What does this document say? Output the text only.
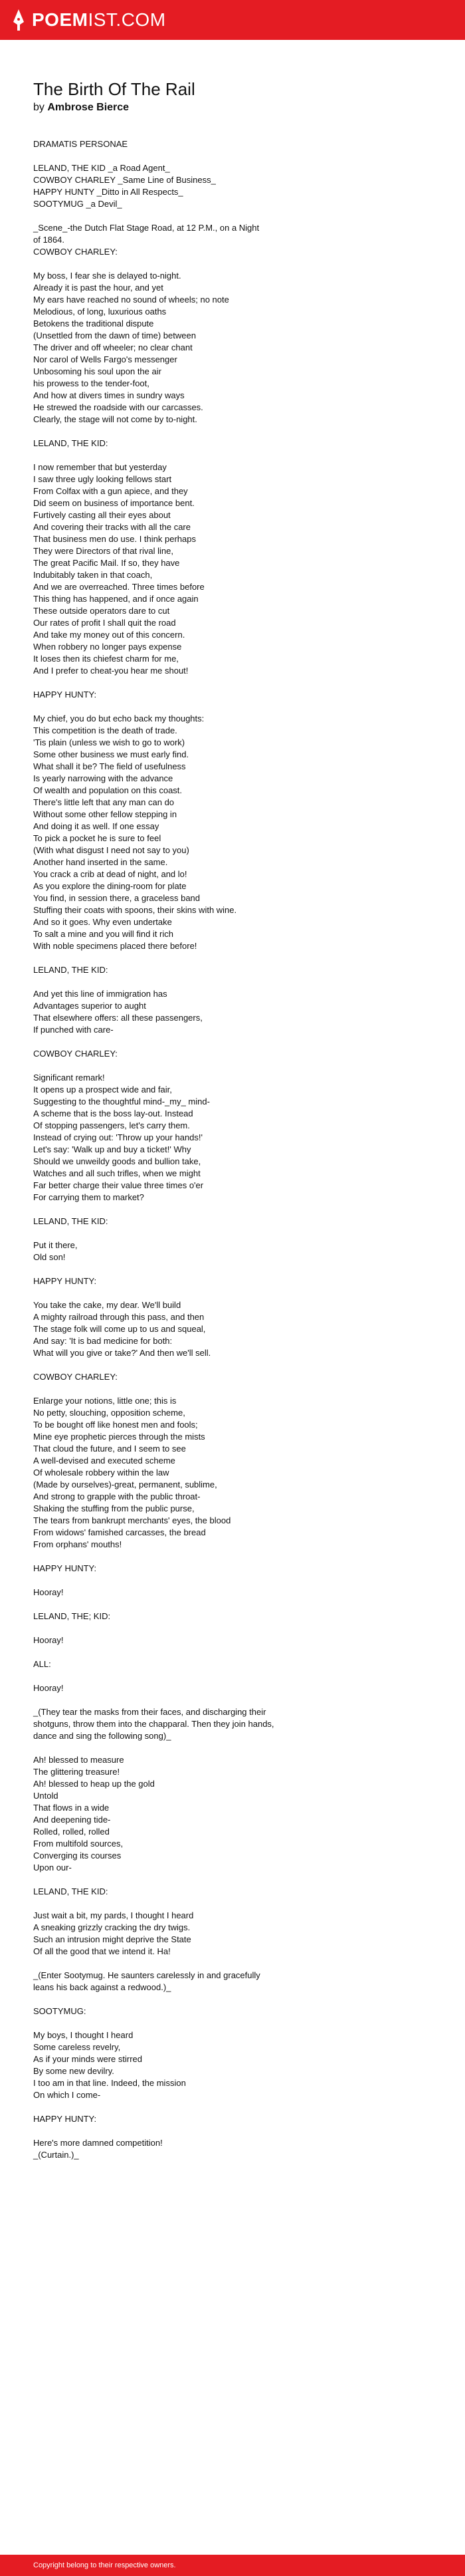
POEM IST.COM
The Birth Of The Rail
by Ambrose Bierce

DRAMATIS PERSONAE

LELAND, THE KID _a Road Agent_
COWBOY CHARLEY _Same Line of Business_
HAPPY HUNTY _Ditto in All Respects_
SOOTYMUG _a Devil_

_Scene_-the Dutch Flat Stage Road, at 12 P.M., on a Night
of 1864.
COWBOY CHARLEY:

My boss, I fear she is delayed to-night.
Already it is past the hour, and yet
My ears have reached no sound of wheels; no note
Melodious, of long, luxurious oaths
Betokens the traditional dispute
(Unsettled from the dawn of time) between
The driver and off wheeler; no clear chant
Nor carol of Wells Fargo's messenger
Unbosoming his soul upon the air
his prowess to the tender-foot,
And how at divers times in sundry ways
He strewed the roadside with our carcasses.
Clearly, the stage will not come by to-night.

LELAND, THE KID:

I now remember that but yesterday
I saw three ugly looking fellows start
From Colfax with a gun apiece, and they
Did seem on business of importance bent.
Furtively casting all their eyes about
And covering their tracks with all the care
That business men do use. I think perhaps
They were Directors of that rival line,
The great Pacific Mail. If so, they have
Indubitably taken in that coach,
And we are overreached. Three times before
This thing has happened, and if once again
These outside operators dare to cut
Our rates of profit I shall quit the road
And take my money out of this concern.
When robbery no longer pays expense
It loses then its chiefest charm for me,
And I prefer to cheat-you hear me shout!

HAPPY HUNTY:

My chief, you do but echo back my thoughts:
This competition is the death of trade.
'Tis plain (unless we wish to go to work)
Some other business we must early find.
What shall it be? The field of usefulness
Is yearly narrowing with the advance
Of wealth and population on this coast.
There's little left that any man can do
Without some other fellow stepping in
And doing it as well. If one essay
To pick a pocket he is sure to feel
(With what disgust I need not say to you)
Another hand inserted in the same.
You crack a crib at dead of night, and lo!
As you explore the dining-room for plate
You find, in session there, a graceless band
Stuffing their coats with spoons, their skins with wine.
And so it goes. Why even undertake
To salt a mine and you will find it rich
With noble specimens placed there before!

LELAND, THE KID:

And yet this line of immigration has
Advantages superior to aught
That elsewhere offers: all these passengers,
If punched with care-

COWBOY CHARLEY:

Significant remark!
It opens up a prospect wide and fair,
Suggesting to the thoughtful mind-_my_ mind-
A scheme that is the boss lay-out. Instead
Of stopping passengers, let's carry them.
Instead of crying out: 'Throw up your hands!'
Let's say: 'Walk up and buy a ticket!' Why
Should we unweildy goods and bullion take,
Watches and all such trifles, when we might
Far better charge their value three times o'er
For carrying them to market?

LELAND, THE KID:

Put it there,
Old son!

HAPPY HUNTY:

You take the cake, my dear. We'll build
A mighty railroad through this pass, and then
The stage folk will come up to us and squeal,
And say: 'It is bad medicine for both:
What will you give or take?' And then we'll sell.

COWBOY CHARLEY:

Enlarge your notions, little one; this is
No petty, slouching, opposition scheme,
To be bought off like honest men and fools;
Mine eye prophetic pierces through the mists
That cloud the future, and I seem to see
A well-devised and executed scheme
Of wholesale robbery within the law
(Made by ourselves)-great, permanent, sublime,
And strong to grapple with the public throat-
Shaking the stuffing from the public purse,
The tears from bankrupt merchants' eyes, the blood
From widows' famished carcasses, the bread
From orphans' mouths!

HAPPY HUNTY:

Hooray!

LELAND, THE; KID:

Hooray!

ALL:

Hooray!

_(They tear the masks from their faces, and discharging their
shotguns, throw them into the chapparal. Then they join hands,
dance and sing the following song)_

Ah! blessed to measure
The glittering treasure!
Ah! blessed to heap up the gold
Untold
That flows in a wide
And deepening tide-
Rolled, rolled, rolled
From multifold sources,
Converging its courses
Upon our-

LELAND, THE KID:

Just wait a bit, my pards, I thought I heard
A sneaking grizzly cracking the dry twigs.
Such an intrusion might deprive the State
Of all the good that we intend it. Ha!

_(Enter Sootymug. He saunters carelessly in and gracefully
leans his back against a redwood.)_

SOOTYMUG:

My boys, I thought I heard
Some careless revelry,
As if your minds were stirred
By some new devilry.
I too am in that line. Indeed, the mission
On which I come-

HAPPY HUNTY:

Here's more damned competition!
_(Curtain.)_

Copyright belong to their respective owners.
